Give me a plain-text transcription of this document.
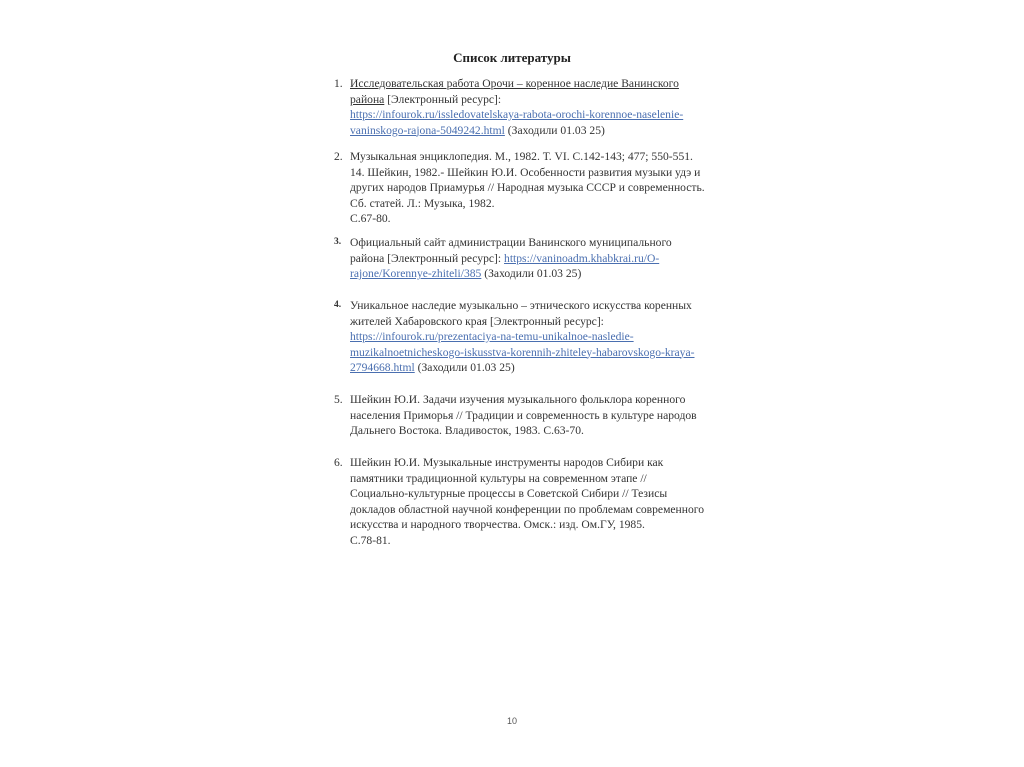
Список литературы
1. Исследовательская работа Орочи – коренное наследие Ванинского
района [Электронный ресурс]:
https://infourok.ru/issledovatelskaya-rabota-orochi-korennoe-naselenie-
vaninskogo-rajona-5049242.html (Заходили 01.03 25)
2. Музыкальная энциклопедия. М., 1982. Т. VI. С.142-143; 477; 550-551.
14. Шейкин, 1982.- Шейкин Ю.И. Особенности развития музыки удэ и
других народов Приамурья // Народная музыка СССР и современность.
Сб. статей. Л.: Музыка, 1982.
С.67-80.
3. Официальный сайт администрации Ванинского муниципального
района [Электронный ресурс]: https://vaninoadm.khabkrai.ru/O-
rajone/Korennye-zhiteli/385 (Заходили 01.03 25)
4. Уникальное наследие музыкально – этнического искусства коренных
жителей Хабаровского края [Электронный ресурс]:
https://infourok.ru/prezentaciya-na-temu-unikalnoe-nasledie-
muzikalnoetnicheskogo-iskusstva-korennih-zhiteley-habarovskogo-kraya-
2794668.html (Заходили 01.03 25)
5. Шейкин Ю.И. Задачи изучения музыкального фольклора коренного
населения Приморья // Традиции и современность в культуре народов
Дальнего Востока. Владивосток, 1983. С.63-70.
6. Шейкин Ю.И. Музыкальные инструменты народов Сибири как
памятники традиционной культуры на современном этапе //
Социально-культурные процессы в Советской Сибири // Тезисы
докладов областной научной конференции по проблемам современного
искусства и народного творчества. Омск.: изд. Ом.ГУ, 1985.
С.78-81.
10
